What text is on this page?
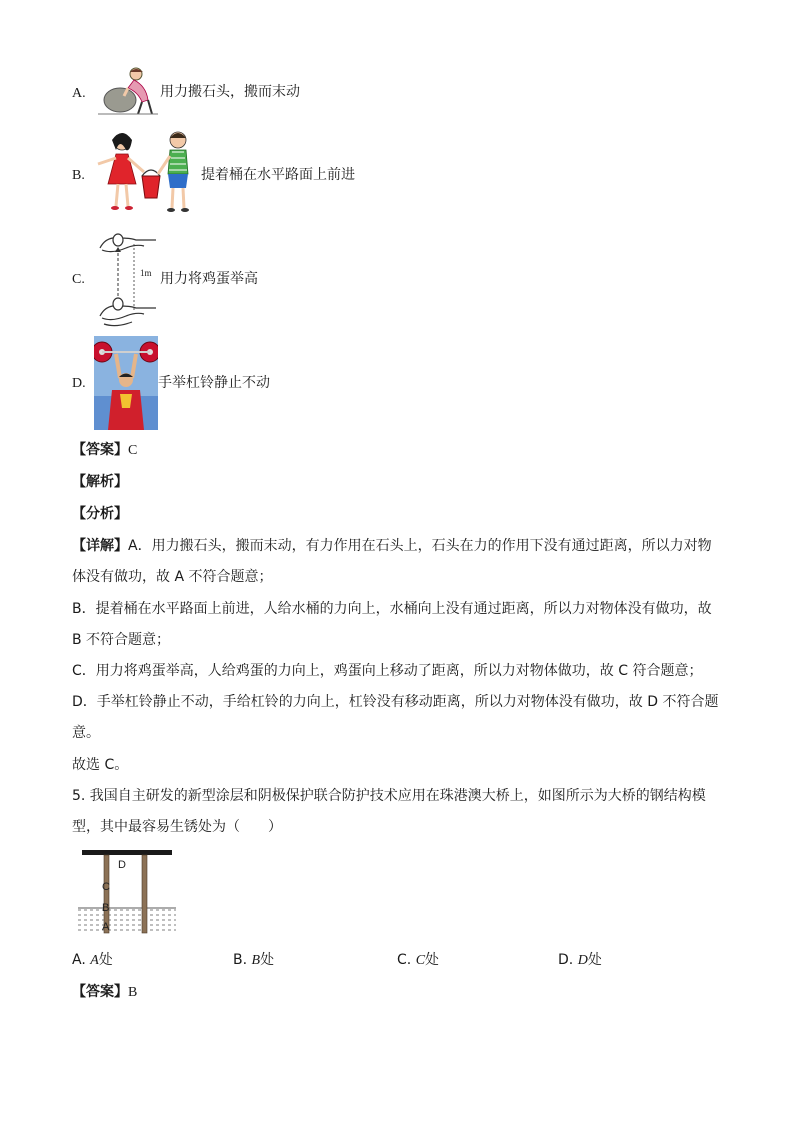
A.	用力搬石头，搬而末动
B.	提着桶在水平路面上前进
C.	1m 用力将鸡蛋举高
D.	手举杠铃静止不动
【答案】C
【解析】
【分析】
【详解】A．用力搬石头，搬而末动，有力作用在石头上，石头在力的作用下没有通过距离，所以力对物
体没有做功，故 A 不符合题意；
B．提着桶在水平路面上前进，人给水桶的力向上，水桶向上没有通过距离，所以力对物体没有做功，故
B 不符合题意；
C．用力将鸡蛋举高，人给鸡蛋的力向上，鸡蛋向上移动了距离，所以力对物体做功，故 C 符合题意；
D．手举杠铃静止不动，手给杠铃的力向上，杠铃没有移动距离，所以力对物体没有做功，故 D 不符合题
意。
故选 C。
5. 我国自主研发的新型涂层和阴极保护联合防护技术应用在珠港澳大桥上，如图所示为大桥的钢结构模
型，其中最容易生锈处为（　　）
D
C
B
A
A. A处	B. B处	C. C处	D. D处
【答案】B
